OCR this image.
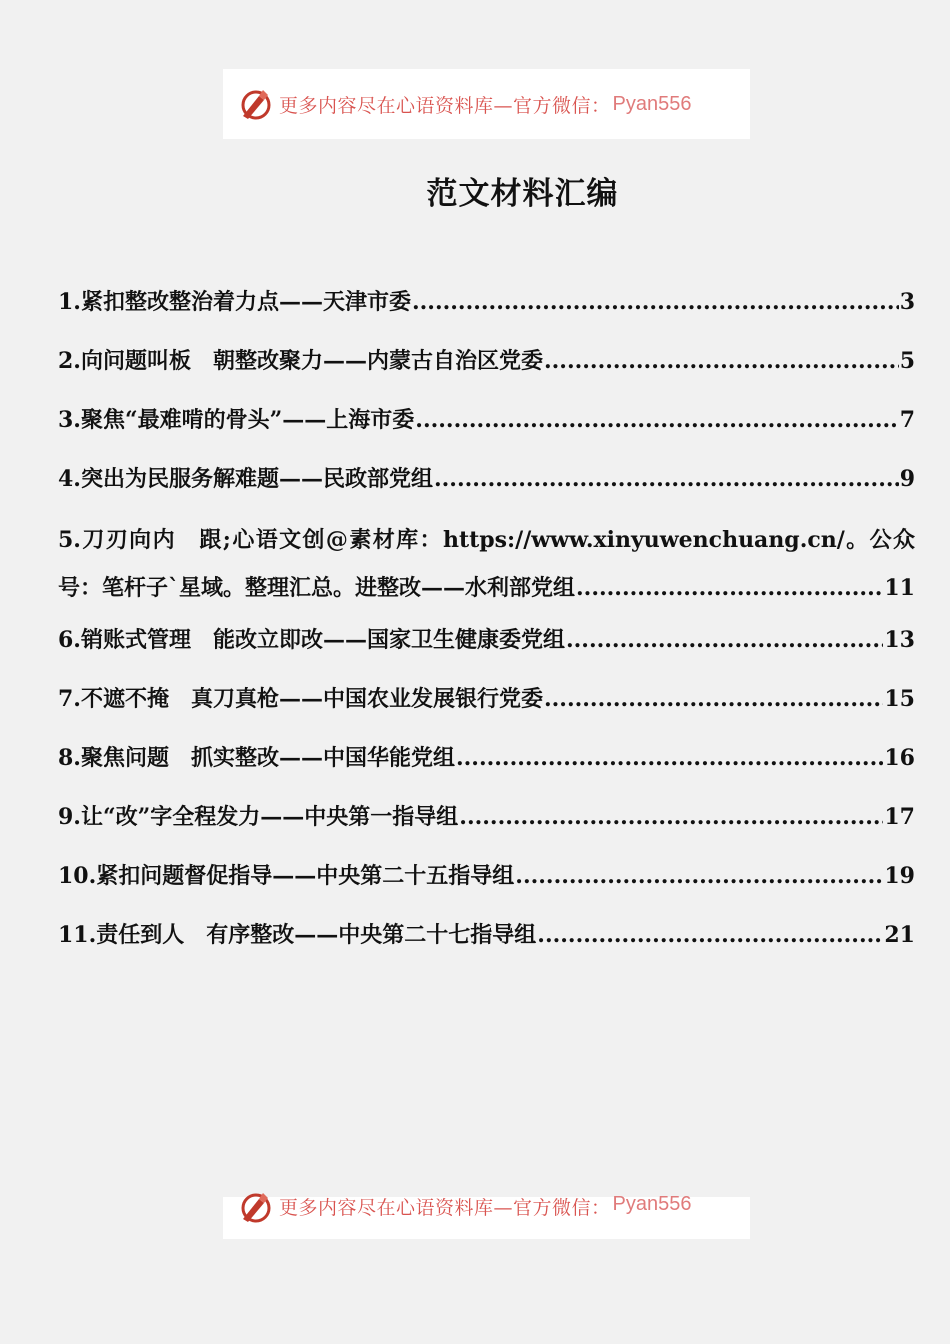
更多内容尽在心语资料库—官方微信： Pyan556
范文材料汇编
1.紧扣整改整治着力点——天津市委 .....	3
2.向问题叫板　朝整改聚力——内蒙古自治区党委 .....	5
3.聚焦“最难啃的骨头”——上海市委 .....	7
4.突出为民服务解难题——民政部党组 .....	9
5.刀刃向内　跟;心语文创@素材库：https://www.xinyuwenchuang.cn/。公众
号：笔杆子`星域。整理汇总。进整改——水利部党组 .....	11
6.销账式管理　能改立即改——国家卫生健康委党组 .....	13
7.不遮不掩　真刀真枪——中国农业发展银行党委 .....	15
8.聚焦问题　抓实整改——中国华能党组 .....	16
9.让“改”字全程发力——中央第一指导组 .....	17
10.紧扣问题督促指导——中央第二十五指导组 .....	19
11.责任到人　有序整改——中央第二十七指导组 .....	21
更多内容尽在心语资料库—官方微信： Pyan556
